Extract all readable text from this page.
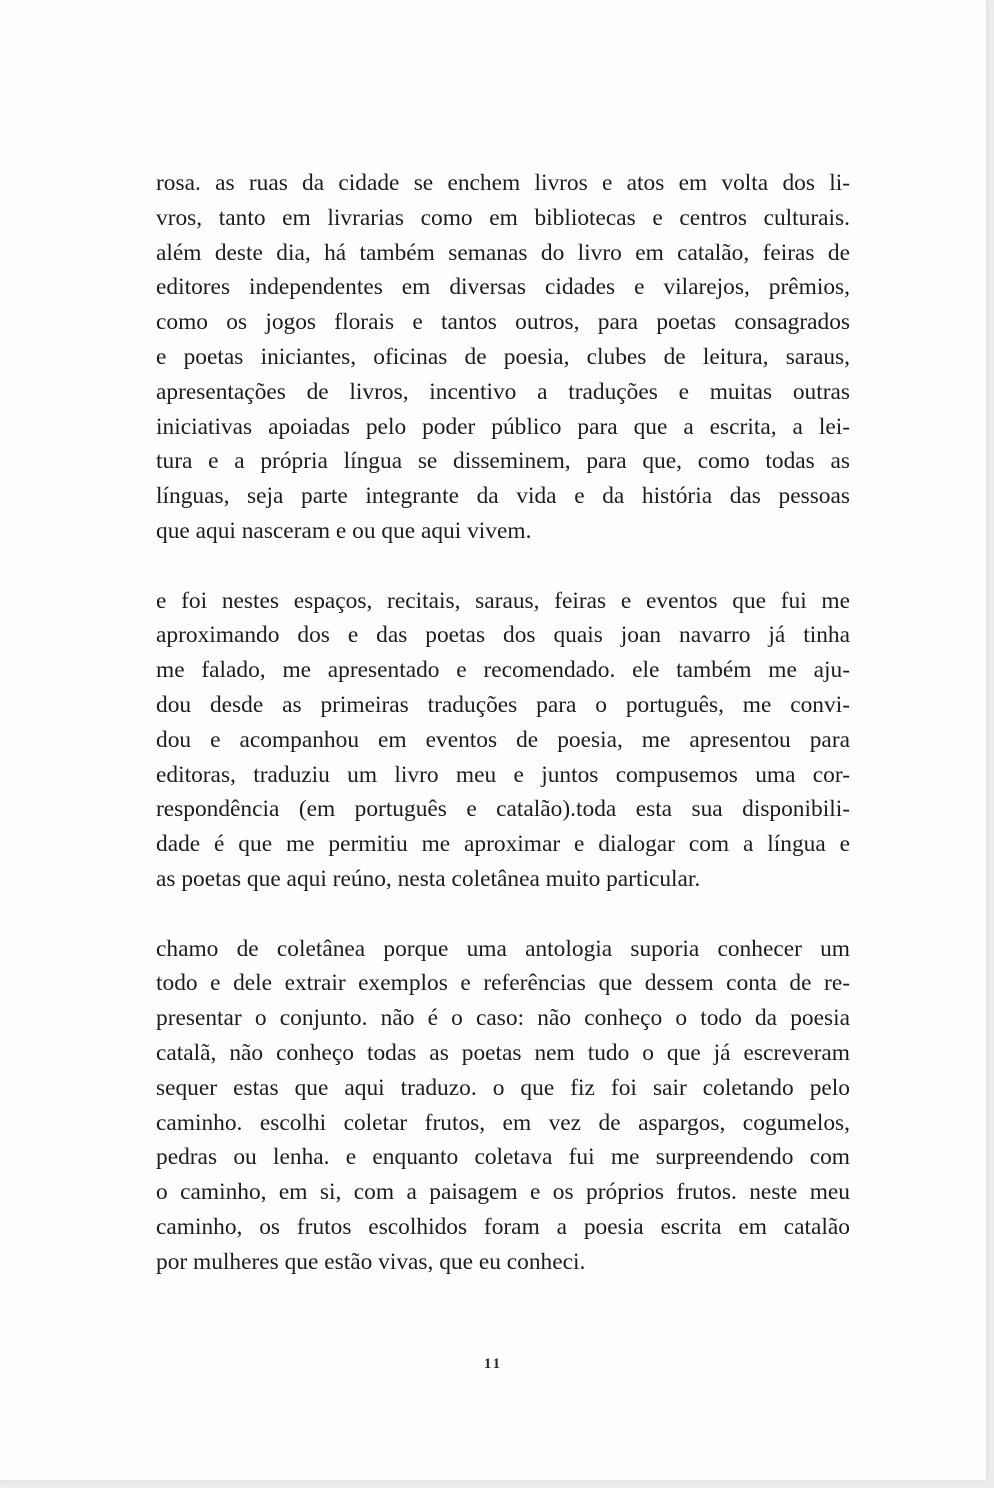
rosa. as ruas da cidade se enchem livros e atos em volta dos li-
vros, tanto em livrarias como em bibliotecas e centros culturais.
além deste dia, há também semanas do livro em catalão, feiras de
editores independentes em diversas cidades e vilarejos, prêmios,
como os jogos florais e tantos outros, para poetas consagrados
e poetas iniciantes, oficinas de poesia, clubes de leitura, saraus,
apresentações de livros, incentivo a traduções e muitas outras
iniciativas apoiadas pelo poder público para que a escrita, a lei-
tura e a própria língua se disseminem, para que, como todas as
línguas, seja parte integrante da vida e da história das pessoas
que aqui nasceram e ou que aqui vivem.
e foi nestes espaços, recitais, saraus, feiras e eventos que fui me
aproximando dos e das poetas dos quais joan navarro já tinha
me falado, me apresentado e recomendado. ele também me aju-
dou desde as primeiras traduções para o português, me convi-
dou e acompanhou em eventos de poesia, me apresentou para
editoras, traduziu um livro meu e juntos compusemos uma cor-
respondência (em português e catalão).toda esta sua disponibili-
dade é que me permitiu me aproximar e dialogar com a língua e
as poetas que aqui reúno, nesta coletânea muito particular.
chamo de coletânea porque uma antologia suporia conhecer um
todo e dele extrair exemplos e referências que dessem conta de re-
presentar o conjunto. não é o caso: não conheço o todo da poesia
catalã, não conheço todas as poetas nem tudo o que já escreveram
sequer estas que aqui traduzo. o que fiz foi sair coletando pelo
caminho. escolhi coletar frutos, em vez de aspargos, cogumelos,
pedras ou lenha. e enquanto coletava fui me surpreendendo com
o caminho, em si, com a paisagem e os próprios frutos. neste meu
caminho, os frutos escolhidos foram a poesia escrita em catalão
por mulheres que estão vivas, que eu conheci.
11
